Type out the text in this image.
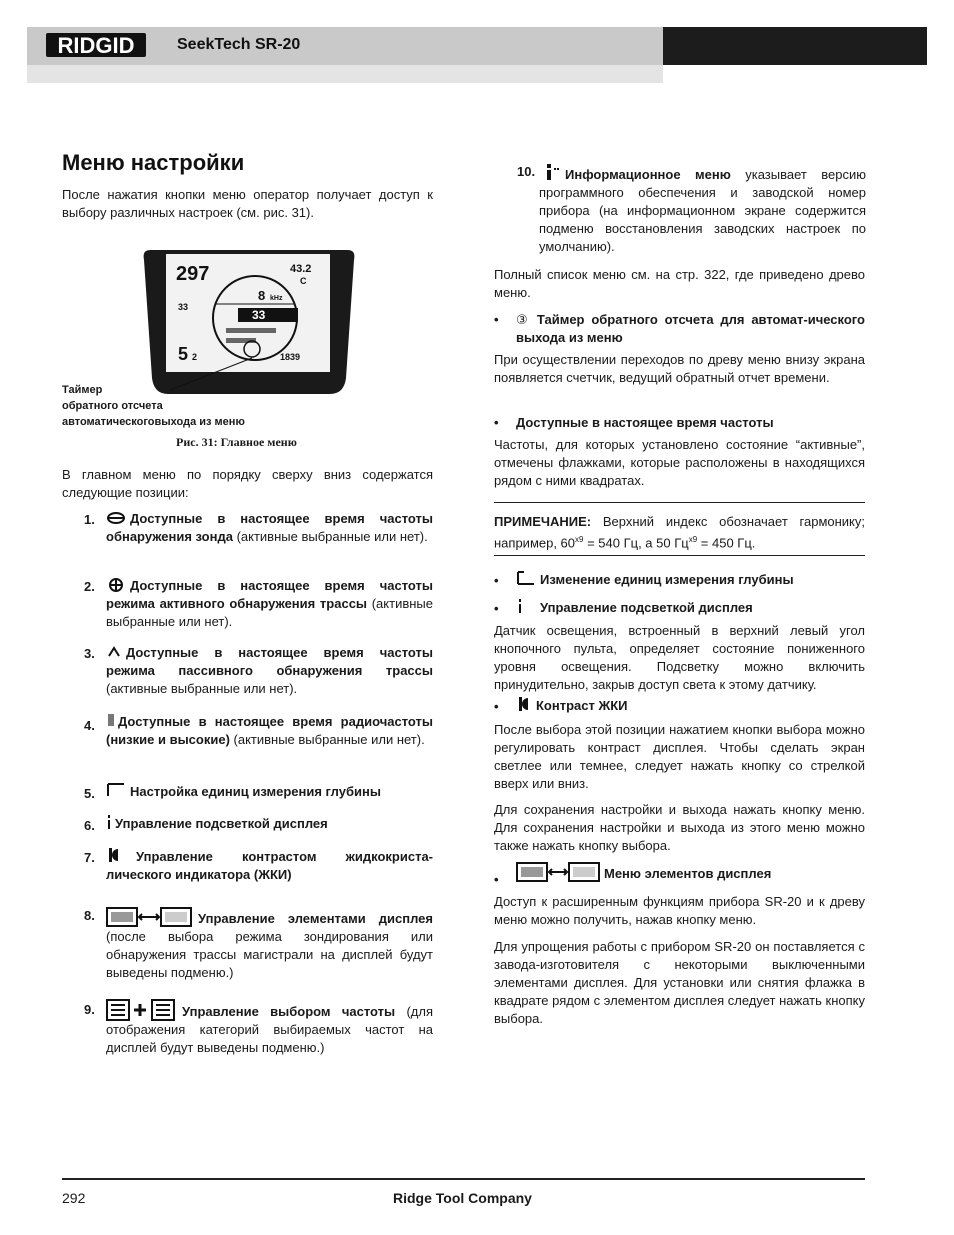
RIDGID	SeekTech SR-20
Меню настройки
После нажатия кнопки меню оператор получает доступ к выбору различных настроек (см. рис. 31).
297	43.2
C
8 kHz
33
33
5 2	1839
Таймер
обратного отсчета
автоматическоговыхода из меню
Рис. 31: Главное меню
В главном меню по порядку сверху вниз содержатся следующие позиции:
1.	Доступные в настоящее время частоты обнаружения зонда (активные выбранные или нет).
2.	Доступные в настоящее время частоты режима активного обнаружения трассы (активные выбранные или нет).
3.	Доступные в настоящее время частоты режима пассивного обнаружения трассы (активные выбранные или нет).
4.	Доступные в настоящее время радиочастоты (низкие и высокие) (активные выбранные или нет).
5.	Настройка единиц измерения глубины
6.	Управление подсветкой дисплея
7.	Управление контрастом жидкокриста-лического индикатора (ЖКИ)
8.	Управление элементами дисплея (после выбора режима зондирования или обнаружения трассы магистрали на дисплей будут выведены подменю.)
9.	Управление выбором частоты (для отображения категорий выбираемых частот на дисплей будут выведены подменю.)
10.	Информационное меню указывает версию программного обеспечения и заводской номер прибора (на информационном экране содержится подменю восстановления заводских настроек по умолчанию).
Полный список меню см. на стр. 322, где приведено древо меню.
• ③ Таймер обратного отсчета для автомат-ического выхода из меню
При осуществлении переходов по древу меню внизу экрана появляется счетчик, ведущий обратный отчет времени.
• Доступные в настоящее время частоты
Частоты, для которых установлено состояние “активные”, отмечены флажками, которые расположены в находящихся рядом с ними квадратах.
ПРИМЕЧАНИЕ: Верхний индекс обозначает гармонику; например, $60^{x9} = 540$ Гц, а 50 $Гц^{x9} = 450$ Гц.
•	Изменение единиц измерения глубины
•	Управление подсветкой дисплея
Датчик освещения, встроенный в верхний левый угол кнопочного пульта, определяет состояние пониженного уровня освещения. Подсветку можно включить принудительно, закрыв доступ света к этому датчику.
•	Контраст ЖКИ
После выбора этой позиции нажатием кнопки выбора можно регулировать контраст дисплея. Чтобы сделать экран светлее или темнее, следует нажать кнопку со стрелкой вверх или вниз.
Для сохранения настройки и выхода нажать кнопку меню. Для сохранения настройки и выхода из этого меню можно также нажать кнопку выбора.
•	Меню элементов дисплея
Доступ к расширенным функциям прибора SR-20 и к древу меню можно получить, нажав кнопку меню.
Для упрощения работы с прибором SR-20 он поставляется с завода-изготовителя с некоторыми выключенными элементами дисплея. Для установки или снятия флажка в квадрате рядом с элементом дисплея следует нажать кнопку выбора.
292	Ridge Tool Company
